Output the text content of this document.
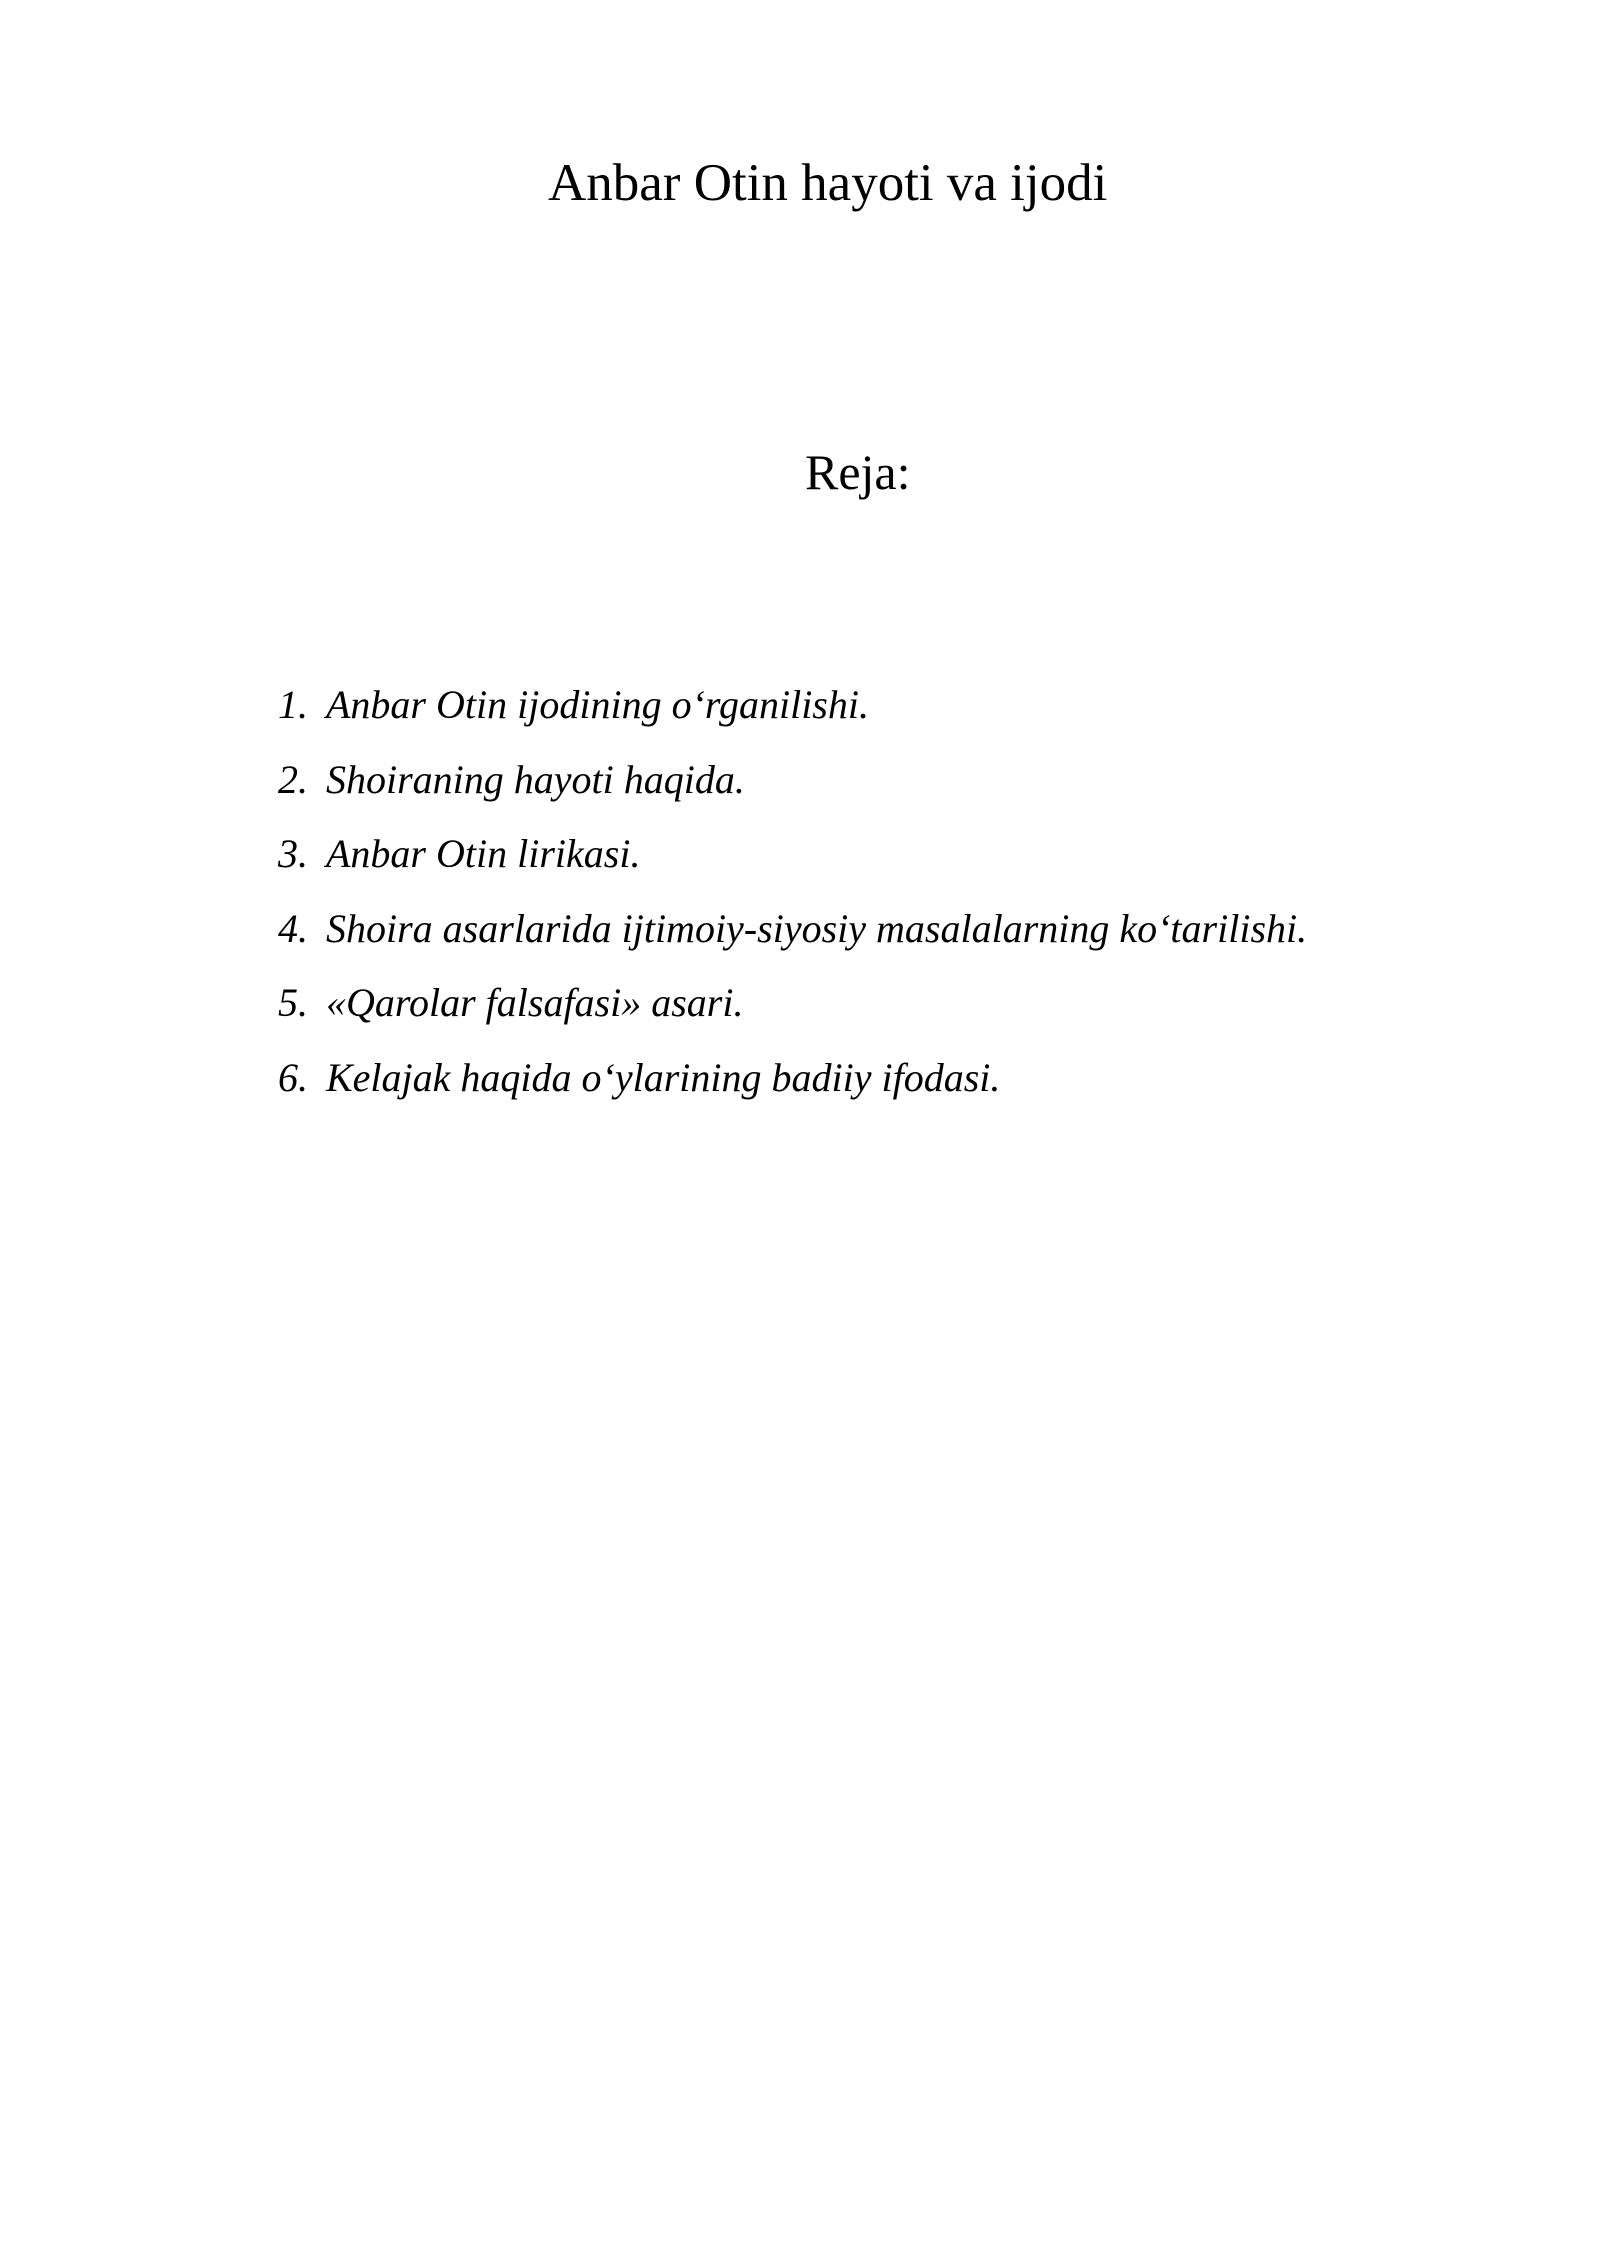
Anbar Otin hayoti va ijodi
Reja:
1. Anbar Otin ijodining o‘rganilishi.
2. Shoiraning hayoti haqida.
3. Anbar Otin lirikasi.
4. Shoira asarlarida ijtimoiy-siyosiy masalalarning ko‘tarilishi.
5. «Qarolar falsafasi» asari.
6. Kelajak haqida o‘ylarining badiiy ifodasi.
